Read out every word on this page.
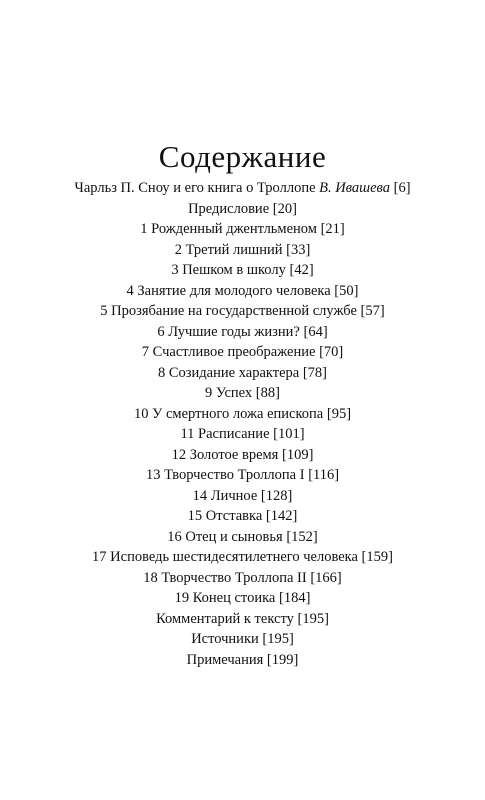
Содержание
Чарльз П. Сноу и его книга о Троллопе В. Ивашева [6]
Предисловие [20]
1 Рожденный джентльменом [21]
2 Третий лишний [33]
3 Пешком в школу [42]
4 Занятие для молодого человека [50]
5 Прозябание на государственной службе [57]
6 Лучшие годы жизни? [64]
7 Счастливое преображение [70]
8 Созидание характера [78]
9 Успех [88]
10 У смертного ложа епископа [95]
11 Расписание [101]
12 Золотое время [109]
13 Творчество Троллопа I [116]
14 Личное [128]
15 Отставка [142]
16 Отец и сыновья [152]
17 Исповедь шестидесятилетнего человека [159]
18 Творчество Троллопа II [166]
19 Конец стоика [184]
Комментарий к тексту [195]
Источники [195]
Примечания [199]
